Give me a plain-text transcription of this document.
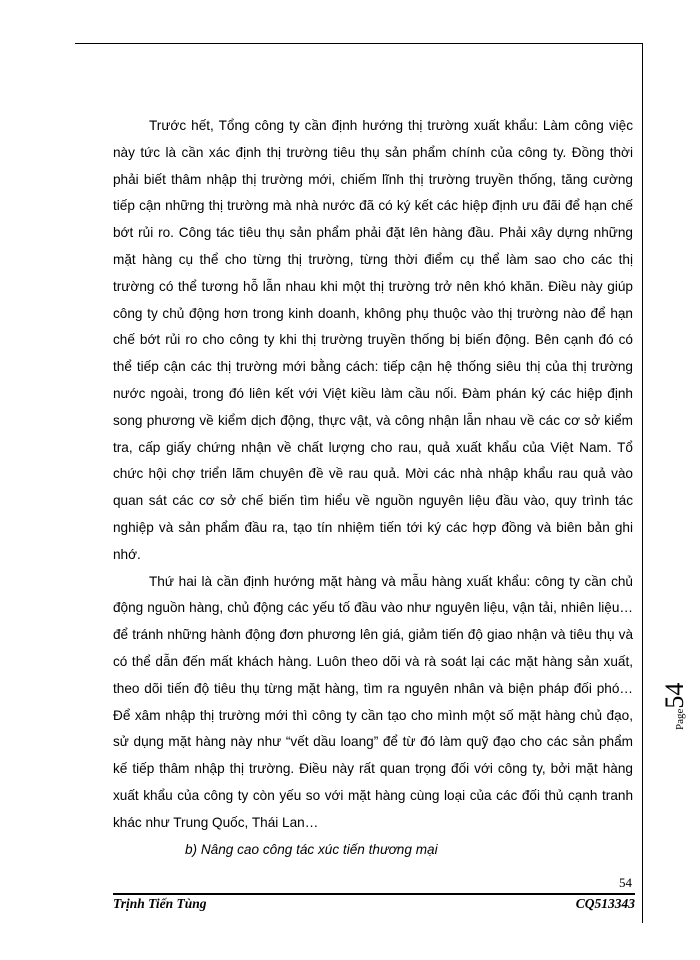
Trước hết, Tổng công ty cần định hướng thị trường xuất khẩu: Làm công việc này tức là cần xác định thị trường tiêu thụ sản phẩm chính của công ty. Đồng thời phải biết thâm nhập thị trường mới, chiếm lĩnh thị trường truyền thống, tăng cường tiếp cận những thị trường mà nhà nước đã có ký kết các hiệp định ưu đãi để hạn chế bớt rủi ro. Công tác tiêu thụ sản phẩm phải đặt lên hàng đầu. Phải xây dựng những mặt hàng cụ thể cho từng thị trường, từng thời điểm cụ thể làm sao cho các thị trường có thể tương hỗ lẫn nhau khi một thị trường trở nên khó khăn. Điều này giúp công ty chủ động hơn trong kinh doanh, không phụ thuộc vào thị trường nào để hạn chế bớt rủi ro cho công ty khi thị trường truyền thống bị biến động. Bên cạnh đó có thể tiếp cận các thị trường mới bằng cách: tiếp cận hệ thống siêu thị của thị trường nước ngoài, trong đó liên kết với Việt kiều làm cầu nối. Đàm phán ký các hiệp định song phương về kiểm dịch động, thực vật, và công nhận lẫn nhau về các cơ sở kiểm tra, cấp giấy chứng nhận về chất lượng cho rau, quả xuất khẩu của Việt Nam. Tổ chức hội chợ triển lãm chuyên đề về rau quả. Mời các nhà nhập khẩu rau quả vào quan sát các cơ sở chế biến tìm hiểu về nguồn nguyên liệu đầu vào, quy trình tác nghiệp và sản phẩm đầu ra, tạo tín nhiệm tiến tới ký các hợp đồng và biên bản ghi nhớ.

Thứ hai là cần định hướng mặt hàng và mẫu hàng xuất khẩu: công ty cần chủ động nguồn hàng, chủ động các yếu tố đầu vào như nguyên liệu, vận tải, nhiên liệu… để tránh những hành động đơn phương lên giá, giảm tiến độ giao nhận và tiêu thụ và có thể dẫn đến mất khách hàng. Luôn theo dõi và rà soát lại các mặt hàng sản xuất, theo dõi tiến độ tiêu thụ từng mặt hàng, tìm ra nguyên nhân và biện pháp đối phó… Để xâm nhập thị trường mới thì công ty cần tạo cho mình một số mặt hàng chủ đạo, sử dụng mặt hàng này như “vết dầu loang” để từ đó làm quỹ đạo cho các sản phẩm kế tiếp thâm nhập thị trường. Điều này rất quan trọng đối với công ty, bởi mặt hàng xuất khẩu của công ty còn yếu so với mặt hàng cùng loại của các đối thủ cạnh tranh khác như Trung Quốc, Thái Lan…

b) Nâng cao công tác xúc tiến thương mại

Page54
54
Trịnh Tiến Tùng	CQ513343
